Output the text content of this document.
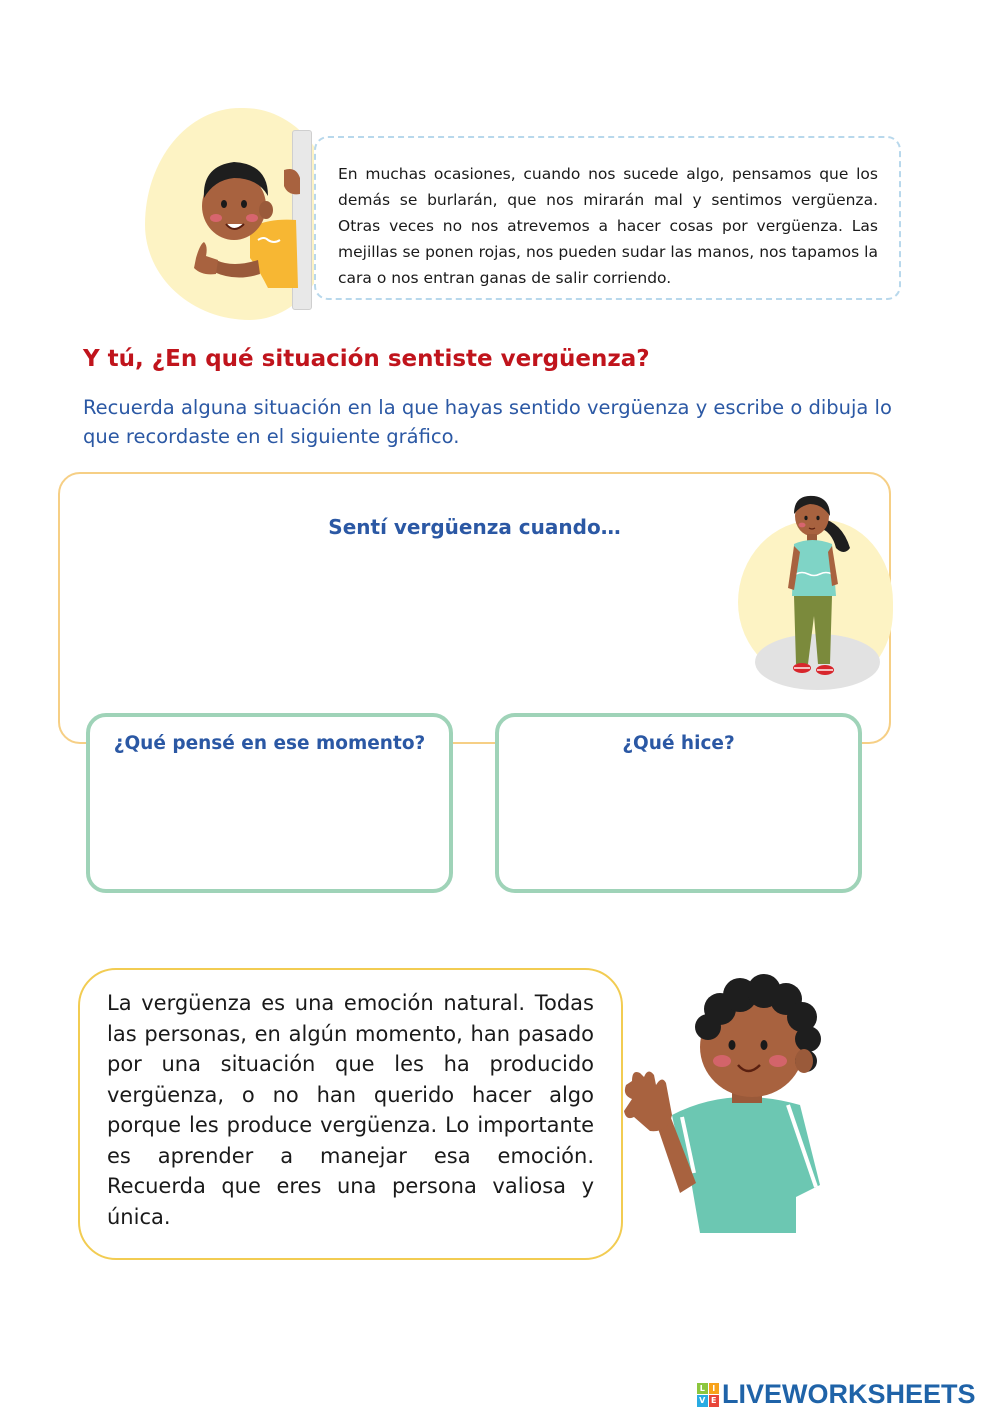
En muchas ocasiones, cuando nos sucede algo, pensamos que los demás se burlarán, que nos mirarán mal y sentimos vergüenza. Otras veces no nos atrevemos a hacer cosas por vergüenza. Las mejillas se ponen rojas, nos pueden sudar las manos, nos tapamos la cara o nos entran ganas de salir corriendo.
Y tú, ¿En qué situación sentiste vergüenza?
Recuerda alguna situación en la que hayas sentido vergüenza y escribe o dibuja lo que recordaste en el siguiente gráfico.
Sentí vergüenza cuando…
¿Qué pensé en ese momento?	¿Qué hice?
La vergüenza es una emoción natural. Todas las personas, en algún momento, han pasado por una situación que les ha producido vergüenza, o no han querido hacer algo porque les produce vergüenza. Lo importante es aprender a manejar esa emoción. Recuerda que eres una persona valiosa y única.
L I
V E LIVEWORKSHEETS
